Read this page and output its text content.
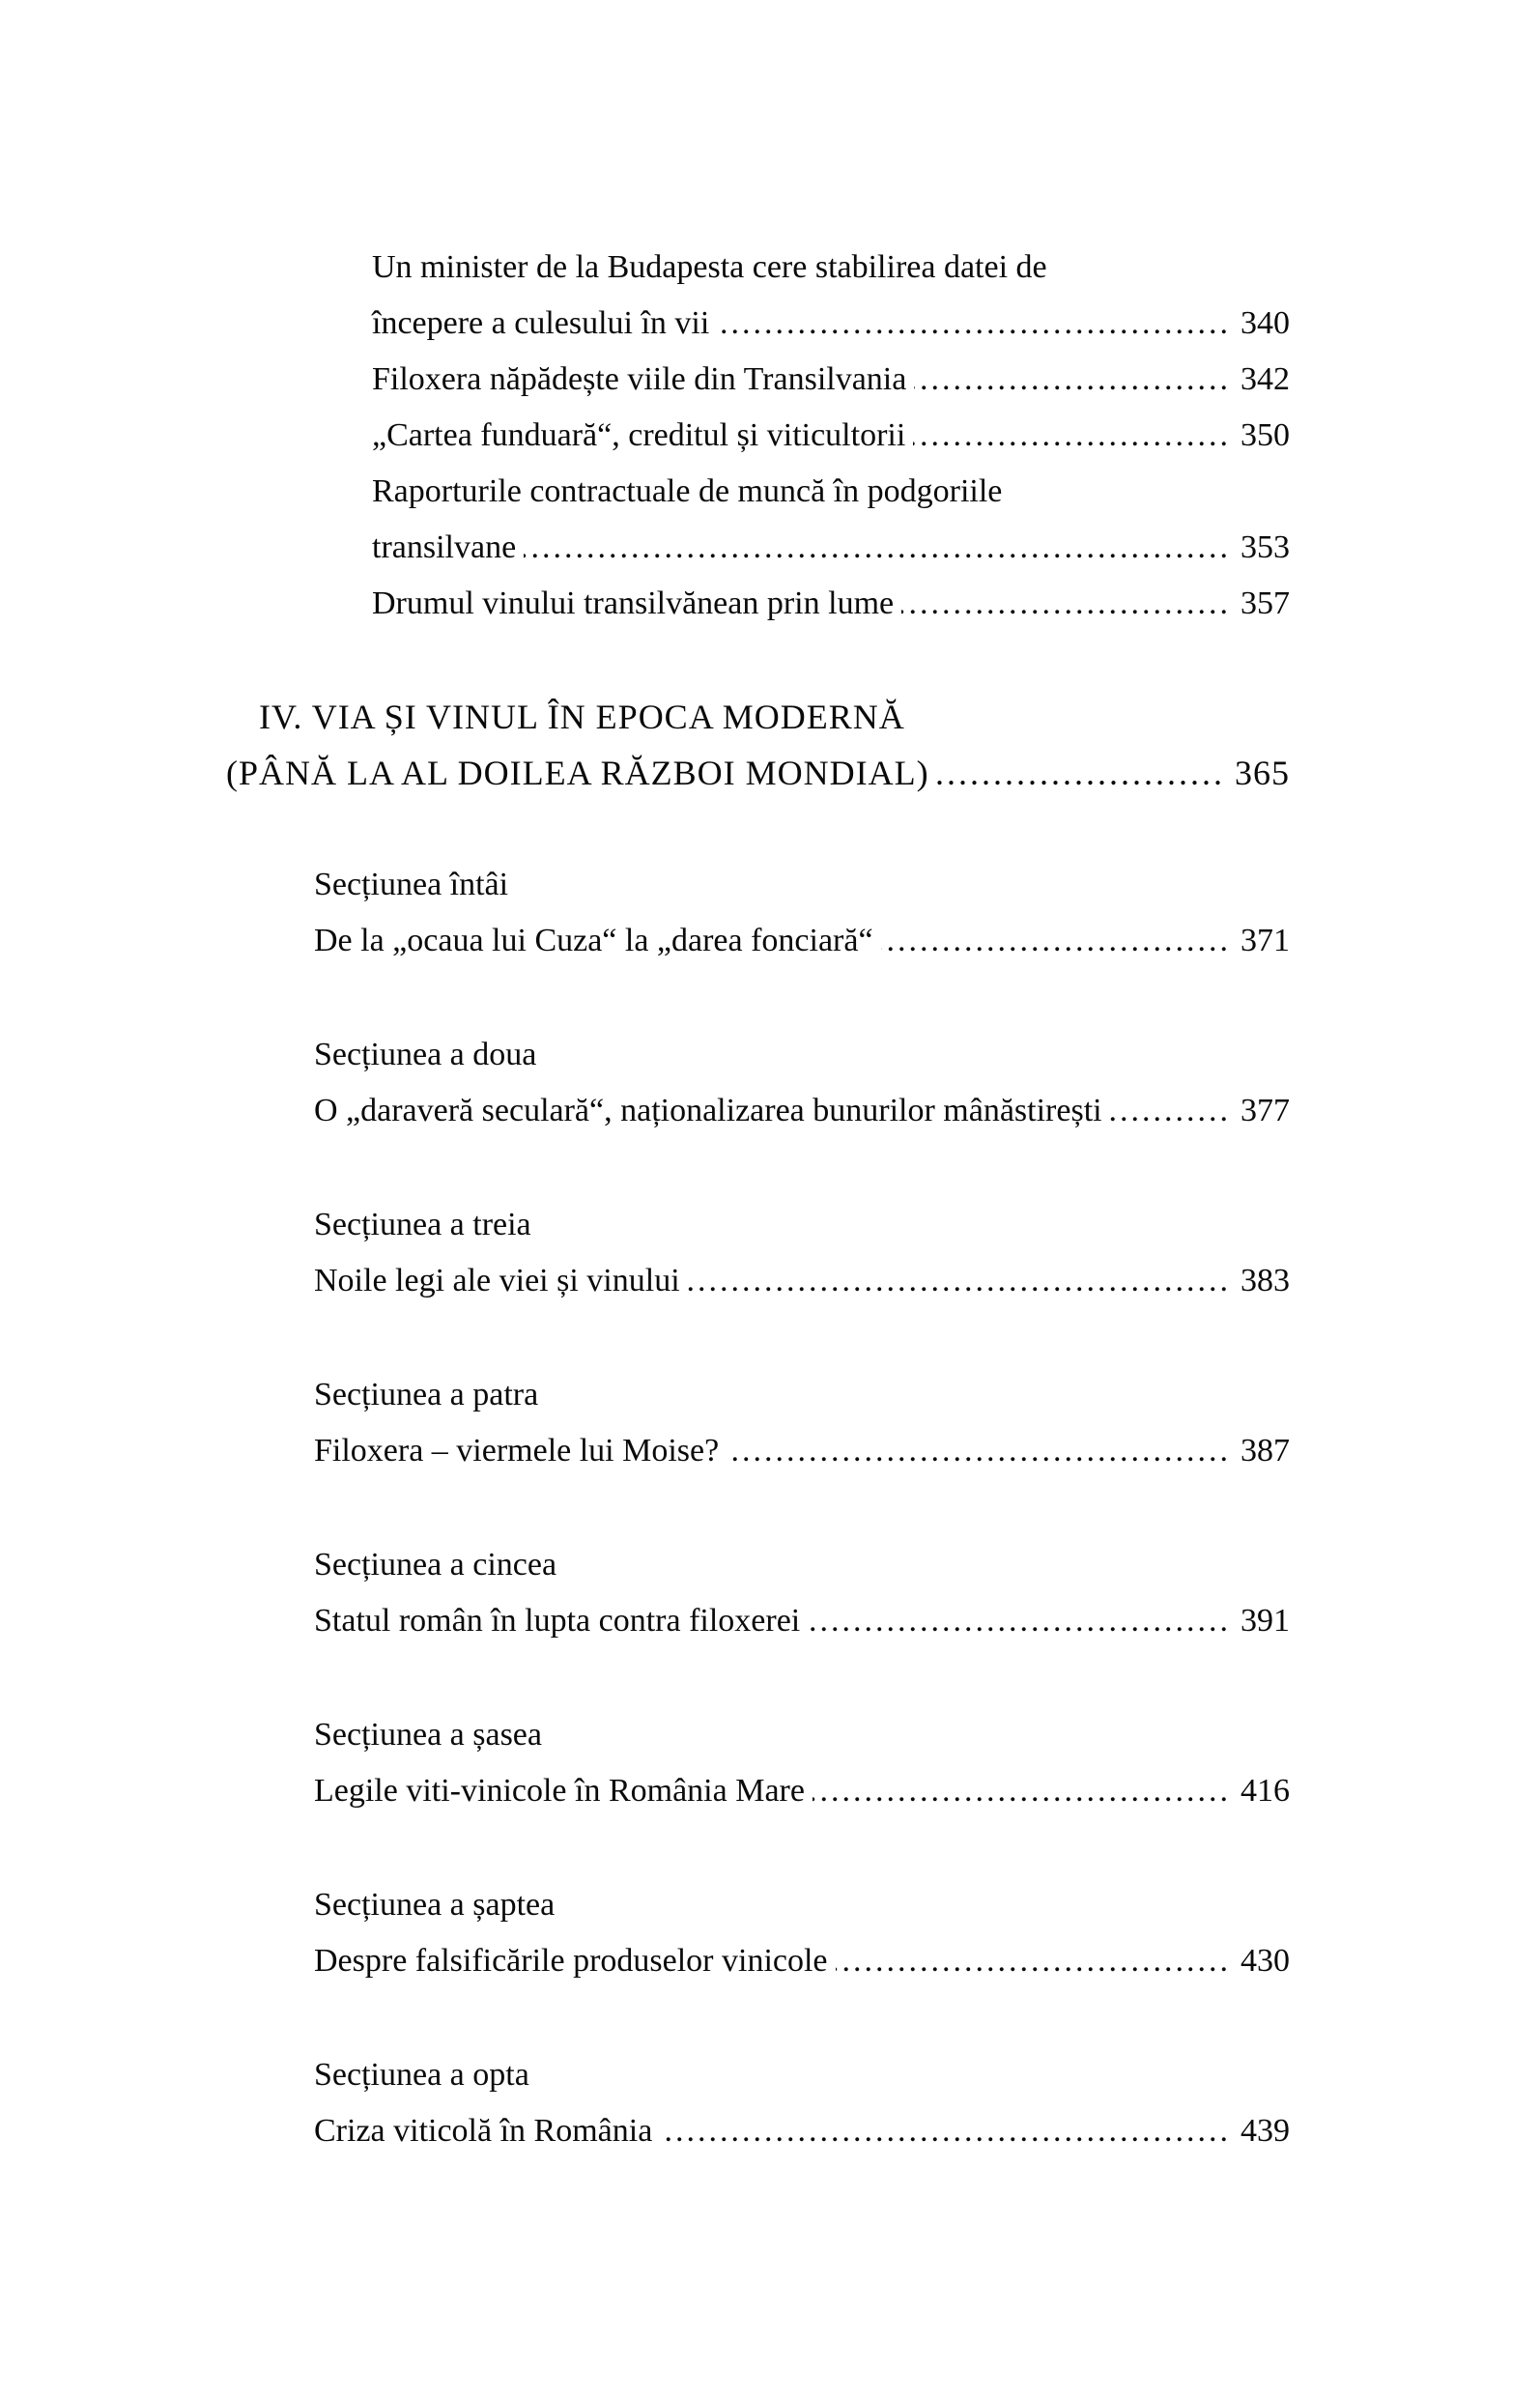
Un minister de la Budapesta cere stabilirea datei de
începere a culesului în vii .....	340
Filoxera năpădește viile din Transilvania .....	342
„Cartea funduară“, creditul și viticultorii .....	350
Raporturile contractuale de muncă în podgoriile
transilvane .....	353
Drumul vinului transilvănean prin lume .....	357
IV. VIA ȘI VINUL ÎN EPOCA MODERNĂ
(PÂNĂ LA AL DOILEA RĂZBOI MONDIAL) .....	365
Secțiunea întâi
De la „ocaua lui Cuza“ la „darea fonciară“ .....	371
Secțiunea a doua
O „daraveră seculară“, naționalizarea bunurilor mânăstirești .....	377
Secțiunea a treia
Noile legi ale viei și vinului .....	383
Secțiunea a patra
Filoxera – viermele lui Moise? .....	387
Secțiunea a cincea
Statul român în lupta contra filoxerei .....	391
Secțiunea a șasea
Legile viti-vinicole în România Mare .....	416
Secțiunea a șaptea
Despre falsificările produselor vinicole .....	430
Secțiunea a opta
Criza viticolă în România .....	439
